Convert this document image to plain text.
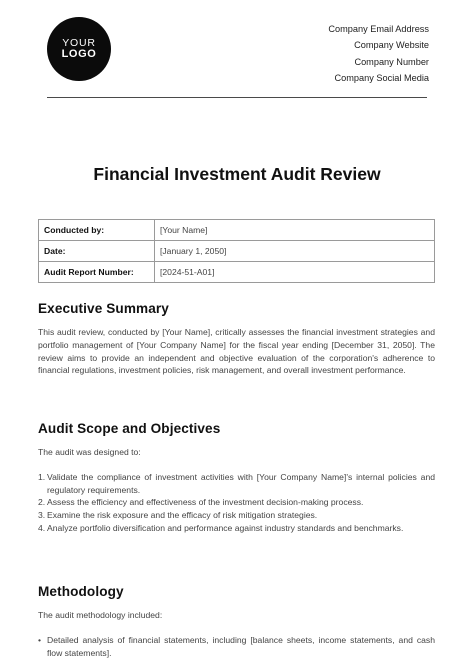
YOUR
LOGO
Company Email Address
Company Website
Company Number
Company Social Media
Financial Investment Audit Review
Conducted by:	[Your Name]
Date:	[January 1, 2050]
Audit Report Number:	[2024-51-A01]
Executive Summary

This audit review, conducted by [Your Name], critically assesses the financial investment strategies and portfolio management of [Your Company Name] for the fiscal year ending [December 31, 2050]. The review aims to provide an independent and objective evaluation of the corporation's adherence to financial regulations, investment policies, risk management, and overall investment performance.

Audit Scope and Objectives

The audit was designed to:

1. Validate the compliance of investment activities with [Your Company Name]'s internal policies and regulatory requirements.
2. Assess the efficiency and effectiveness of the investment decision-making process.
3. Examine the risk exposure and the efficacy of risk mitigation strategies.
4. Analyze portfolio diversification and performance against industry standards and benchmarks.
Methodology

The audit methodology included:

• Detailed analysis of financial statements, including [balance sheets, income statements, and cash flow statements].
